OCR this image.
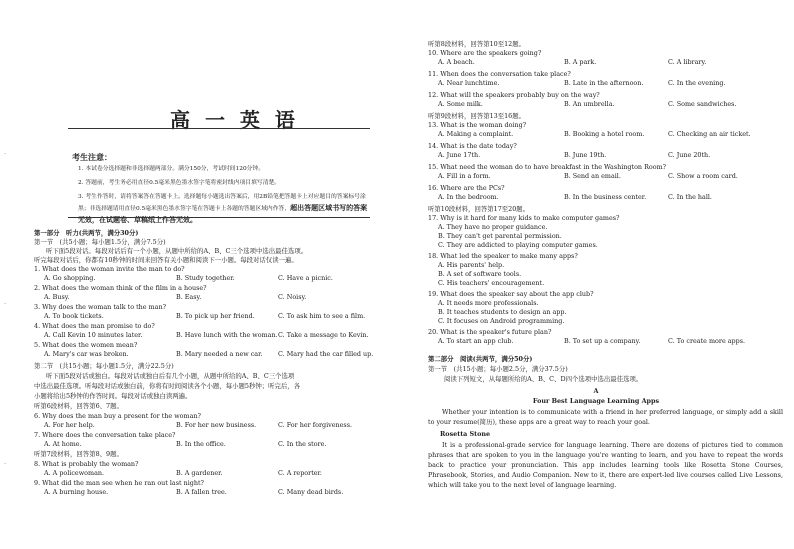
·
·
·
高 一 英 语
考生注意：
1. 本试卷分选择题和非选择题两部分。满分150分，考试时间120分钟。
2. 答题前，考生务必用直径0.5毫米黑色墨水签字笔将密封线内项目填写清楚。
3. 考生作答时，请将答案答在答题卡上。选择题每小题选出答案后，用2B铅笔把答题卡上对应题目的答案标号涂黑；非选择题请用直径0.5毫米黑色墨水签字笔在答题卡上各题的答题区域内作答，超出答题区域书写的答案无效，在试题卷、草稿纸上作答无效。
第一部分　听力(共两节，满分30分)
第一节　(共5小题；每小题1.5分，满分7.5分)
听下面5段对话。每段对话后有一个小题，从题中所给的A、B、C三个选项中选出最佳选项。
听完每段对话后，你都有10秒钟的时间来回答有关小题和阅读下一小题。每段对话仅读一遍。
1. What does the woman invite the man to do?
A. Go shopping.	B. Study together.	C. Have a picnic.
2. What does the woman think of the film in a house?
A. Busy.	B. Easy.	C. Noisy.
3. Why does the woman talk to the man?
A. To book tickets.	B. To pick up her friend.	C. To ask him to see a film.
4. What does the man promise to do?
A. Call Kevin 10 minutes later.	B. Have lunch with the woman. C. Take a message to Kevin.
5. What does the women mean?
A. Mary's car was broken.	B. Mary needed a new car. C. Mary had the car filled up.
第二节　(共15小题；每小题1.5分，满分22.5分)
听下面5段对话或独白。每段对话或独白后有几个小题，从题中所给的A、B、C三个选项
中选出最佳选项。听每段对话或独白前，你将有时间阅读各个小题，每小题5秒钟；听完后，各
小题将给出5秒钟的作答时间。每段对话或独白读两遍。
听第6段材料，回答第6、7题。
6. Why does the man buy a present for the woman?
A. For her help.	B. For her new business.	C. For her forgiveness.
7. Where does the conversation take place?
A. At home.	B. In the office.	C. In the store.
听第7段材料，回答第8、9题。
8. What is probably the woman?
A. A policewoman.	B. A gardener.	C. A reporter.
9. What did the man see when he ran out last night?
A. A burning house.	B. A fallen tree.	C. Many dead birds.
听第8段材料，回答第10至12题。
10. Where are the speakers going?
A. A beach.	B. A park.	C. A library.
11. When does the conversation take place?
A. Near lunchtime.	B. Late in the afternoon.	C. In the evening.
12. What will the speakers probably buy on the way?
A. Some milk.	B. An umbrella.	C. Some sandwiches.
听第9段材料，回答第13至16题。
13. What is the woman doing?
A. Making a complaint.	B. Booking a hotel room.	C. Checking an air ticket.
14. What is the date today?
A. June 17th.	B. June 19th.	C. June 20th.
15. What need the woman do to have breakfast in the Washington Room?
A. Fill in a form.	B. Send an email.	C. Show a room card.
16. Where are the PCs?
A. In the bedroom.	B. In the business center.	C. In the hall.
听第10段材料，回答第17至20题。
17. Why is it hard for many kids to make computer games?
A. They have no proper guidance.
B. They can't get parental permission.
C. They are addicted to playing computer games.
18. What led the speaker to make many apps?
A. His parents' help.
B. A set of software tools.
C. His teachers' encouragement.
19. What does the speaker say about the app club?
A. It needs more professionals.
B. It teaches students to design an app.
C. It focuses on Android programming.
20. What is the speaker's future plan?
A. To start an app club.	B. To set up a company.	C. To create more apps.
第二部分　阅读(共两节，满分50分)
第一节　(共15小题；每小题2.5分，满分37.5分)
阅读下列短文，从每题所给的A、B、C、D四个选项中选出最佳选项。
A
Four Best Language Learning Apps
Whether your intention is to communicate with a friend in her preferred language, or simply add a skill to your resume(简历), these apps are a great way to reach your goal.
Rosetta Stone
It is a professional-grade service for language learning. There are dozens of pictures tied to common phrases that are spoken to you in the language you're wanting to learn, and you have to repeat the words back to practice your pronunciation. This app includes learning tools like Rosetta Stone Courses, Phrasebook, Stories, and Audio Companion. New to it, there are expert-led live courses called Live Lessons, which will take you to the next level of language learning.
